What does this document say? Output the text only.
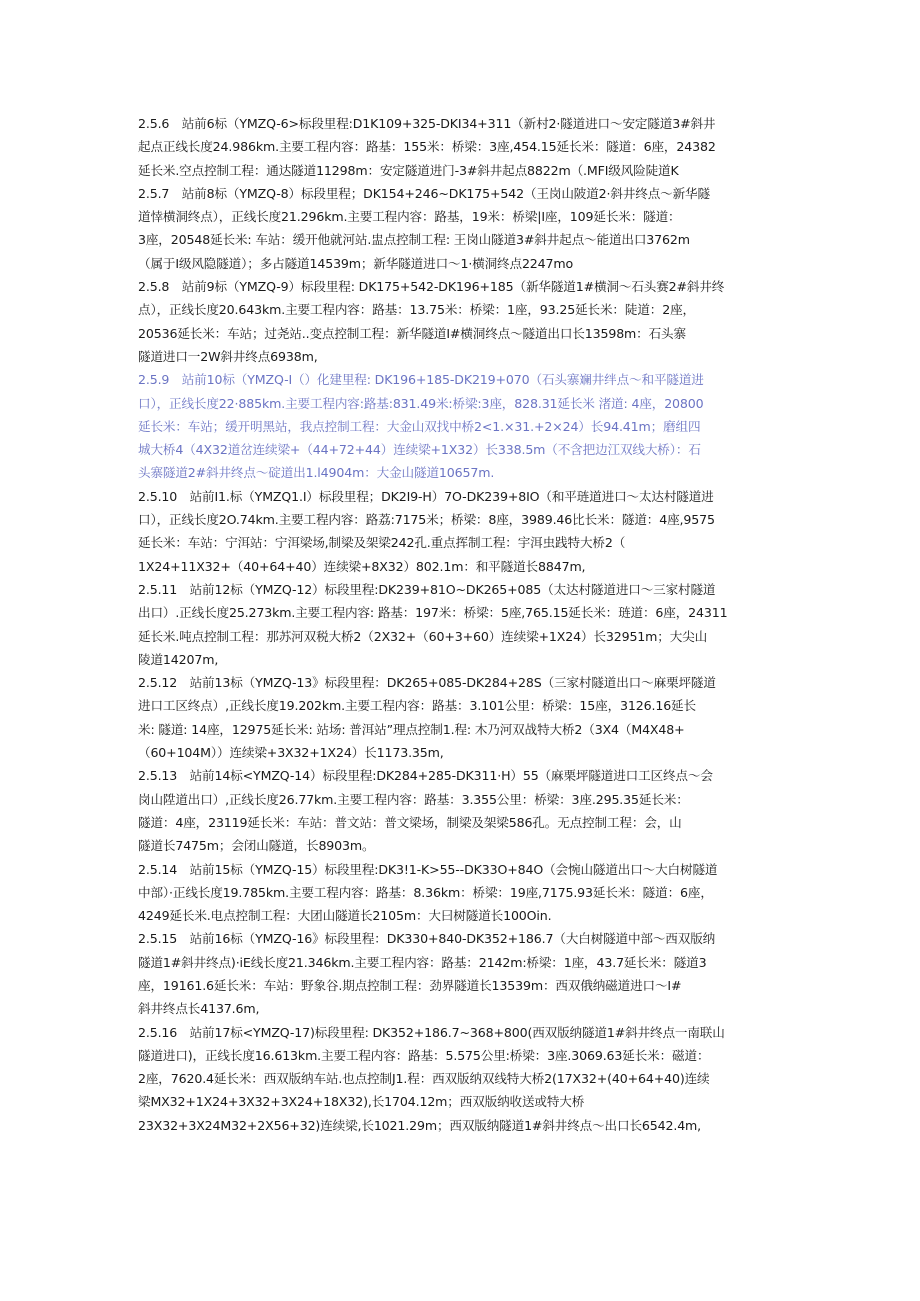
2.5.6　站前6标（YMZQ-6>标段里程:D1K109+325-DKI34+311（新村2·隧道进口〜安定隧道3#斜井
起点正线长度24.986km.主要工程内容：路基：155米：桥梁：3座,454.15延长米：隧道：6座，24382
延长米.空点控制工程：通达隧道11298m：安定隧道进门-3#斜井起点8822m（.MFI级风险陡道K
2.5.7　站前8标（YMZQ-8）标段里程；DK154+246~DK175+542（王岗山陂道2·斜井终点〜新华隧
道悻横洞终点），正线长度21.296km.主要工程内容：路基，19米：桥梁|I座，109延长米：隧道：
3座，20548延长米: 车站：缓开他就河站.盅点控制工程: 王岗山隧道3#斜井起点〜能道出口3762m
（属于I级风隐隧道）；多占隧道14539m；新华隧道进口〜1·横洞终点2247mo
2.5.8　站前9标（YMZQ-9）标段里程: DK175+542-DK196+185（新华隧道1#横洞〜石头赛2#斜井终
点），正线长度20.643km.主要工程内容：路基：13.75米：桥梁：1座，93.25延长米：陡道：2座，
20536延长米：车站；过尧站..变点控制工程：新华隧道I#横洞终点〜隧道出口长13598m：石头寨
隧道进口一2W斜井终点6938m,
2.5.9　站前10标（YMZQ-I（）化建里程: DK196+185-DK219+070（石头寨斓井绊点〜和平隧道进
口），正线长度22·885km.主要工程内容:路基:831.49米:桥梁:3座，828.31延长米 渚道: 4座，20800
延长米：车站；缓开明黑站，我点控制工程：大金山双找中桥2<1.×31.+2×24）长94.41m；磨组四
城大桥4（4X32道岔连续梁+（44+72+44）连续梁+1X32）长338.5m（不含把边江双线大桥）：石
头寨隧道2#斜井终点〜碇道出1.l4904m：大金山隧道10657m.
2.5.10　站前I1.标（YMZQ1.I）标段里程；DK2I9-H）7O-DK239+8IO（和平琏道进口〜太达村隧道进
口），正线长度2O.74km.主要工程内容：路荔:7175米；桥梁：8座，3989.46比长米：隧道：4座,9575
延长米：车站：宁洱站：宁洱梁场,制梁及架梁242孔.重点挥制工程：宇洱虫践特大桥2（
1X24+11X32+（40+64+40）连续梁+8X32）802.1m：和平隧道长8847m,
2.5.11　站前12标（YMZQ-12）标段里程:DK239+81O~DK265+085（太达村隧道进口〜三家村隧道
出口）.正线长度25.273km.主要工程内容: 路基：197米：桥梁：5座,765.15延长米：琏道：6座，24311
延长米.吨点控制工程：那苏河双税大桥2（2X32+（60+3+60）连续梁+1X24）长32951m；大尖山
陵道14207m,
2.5.12　站前13标（YMZQ-13》标段里程：DK265+085-DK284+28S（三家村隧道出口〜麻栗坪隧道
进口工区终点）,正线长度19.202km.主要工程内容：路基：3.101公里：桥梁：15座，3126.16延长
米: 隧道: 14座，12975延长米: 站场: 普洱站”理点控制1.程: 木乃河双战特大桥2（3X4（M4X48+
（60+104M））连续梁+3X32+1X24）长1173.35m,
2.5.13　站前14标<YMZQ-14）标段里程:DK284+285-DK311·H）55（麻栗坪隧道进口工区终点〜会
岗山陞道出口）,正线长度26.77km.主要工程内容：路基：3.355公里：桥梁：3座.295.35延长米：
隧道：4座，23119延长米：车站：普文站：普文梁场，制梁及架梁586孔。无点控制工程：会，山
隧道长7475m；会闭山隧道，长8903m。
2.5.14　站前15标（YMZQ-15）标段里程:DK3!1-K>55--DK33O+84O（会惋山隧道出口〜大白树隧道
中部）·正线长度19.785km.主要工程内容：路基：8.36km：桥梁：19座,7175.93延长米：隧道：6座，
4249延长米.电点控制工程：大团山隧道长2105m：大曰树隧道长100Oin.
2.5.15　站前16标（YMZQ-16》标段里程：DK330+840-DK352+186.7（大白树隧道中部〜西双版纳
隧道1#斜井终点)·iE线长度21.346km.主要工程内容：路基：2142m:桥梁：1座，43.7延长米：隧道3
座，19161.6延长米：车站：野象谷.期点控制工程：劲界隧道长13539m：西双俄纳磁道进口〜I#
斜井终点长4137.6m,
2.5.16　站前17标<YMZQ-17)标段里程: DK352+186.7~368+800(西双版纳隧道1#斜井终点一南联山
隧道进口)，正线长度16.613km.主要工程内容：路基：5.575公里:桥梁：3座.3069.63延长米：磁道：
2座，7620.4延长米：西双版纳车站.也点控制J1.程：西双版纳双线特大桥2(17X32+(40+64+40)连续
梁MX32+1X24+3X32+3X24+18X32),长1704.12m；西双版纳收送或特大桥
23X32+3X24M32+2X56+32)连续梁,长1021.29m；西双版纳隧道1#斜井终点〜出口长6542.4m,
